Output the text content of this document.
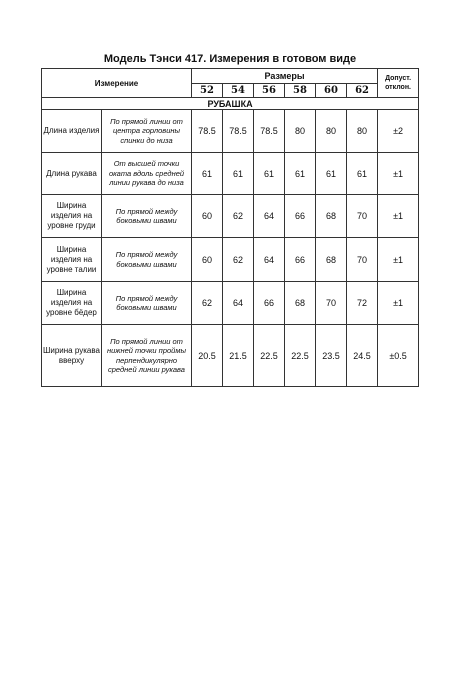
Модель Тэнси 417. Измерения в готовом виде
Измерение		Размеры						Допуст. отклон.
		52	54	56	58	60	62	
РУБАШКА								
Длина изделия	По прямой линии от центра горловины спинки до низа	78.5	78.5	78.5	80	80	80	±2
Длина рукава	От высшей точки оката вдоль средней линии рукава до низа	61	61	61	61	61	61	±1
Ширина изделия на уровне груди	По прямой между боковыми швами	60	62	64	66	68	70	±1
Ширина изделия на уровне талии	По прямой между боковыми швами	60	62	64	66	68	70	±1
Ширина изделия на уровне бёдер	По прямой между боковыми швами	62	64	66	68	70	72	±1
Ширина рукава вверху	По прямой линии от нижней точки проймы перпендикулярно средней линии рукава	20.5	21.5	22.5	22.5	23.5	24.5	±0.5
